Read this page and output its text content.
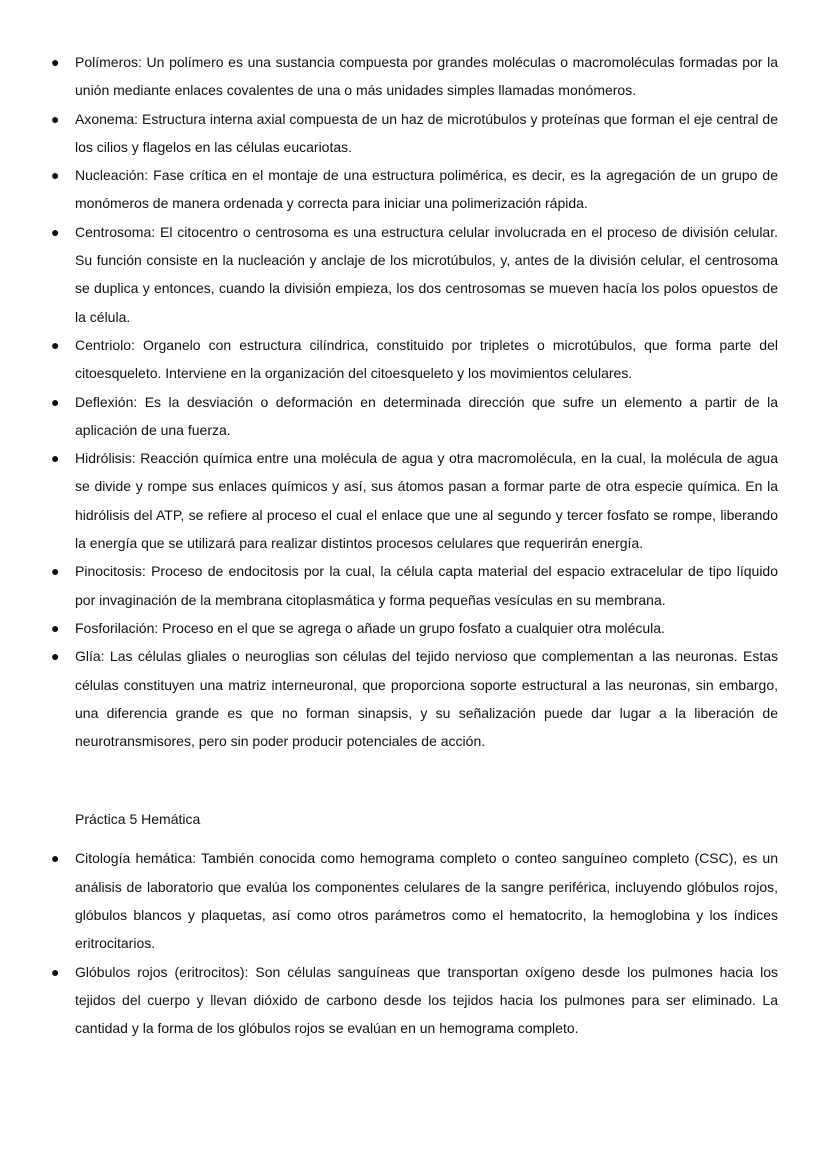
● Polímeros: Un polímero es una sustancia compuesta por grandes moléculas o macromoléculas formadas por la unión mediante enlaces covalentes de una o más unidades simples llamadas monómeros.
● Axonema: Estructura interna axial compuesta de un haz de microtúbulos y proteínas que forman el eje central de los cilios y flagelos en las células eucariotas.
● Nucleación: Fase crítica en el montaje de una estructura polimérica, es decir, es la agregación de un grupo de monómeros de manera ordenada y correcta para iniciar una polimerización rápida.
● Centrosoma: El citocentro o centrosoma es una estructura celular involucrada en el proceso de división celular. Su función consiste en la nucleación y anclaje de los microtúbulos, y, antes de la división celular, el centrosoma se duplica y entonces, cuando la división empieza, los dos centrosomas se mueven hacía los polos opuestos de la célula.
● Centriolo: Organelo con estructura cilíndrica, constituido por tripletes o microtúbulos, que forma parte del citoesqueleto. Interviene en la organización del citoesqueleto y los movimientos celulares.
● Deflexión: Es la desviación o deformación en determinada dirección que sufre un elemento a partir de la aplicación de una fuerza.
● Hidrólisis: Reacción química entre una molécula de agua y otra macromolécula, en la cual, la molécula de agua se divide y rompe sus enlaces químicos y así, sus átomos pasan a formar parte de otra especie química. En la hidrólisis del ATP, se refiere al proceso el cual el enlace que une al segundo y tercer fosfato se rompe, liberando la energía que se utilizará para realizar distintos procesos celulares que requerirán energía.
● Pinocitosis: Proceso de endocitosis por la cual, la célula capta material del espacio extracelular de tipo líquido por invaginación de la membrana citoplasmática y forma pequeñas vesículas en su membrana.
● Fosforilación: Proceso en el que se agrega o añade un grupo fosfato a cualquier otra molécula.
● Glía: Las células gliales o neuroglias son células del tejido nervioso que complementan a las neuronas. Estas células constituyen una matriz interneuronal, que proporciona soporte estructural a las neuronas, sin embargo, una diferencia grande es que no forman sinapsis, y su señalización puede dar lugar a la liberación de neurotransmisores, pero sin poder producir potenciales de acción.
Práctica 5 Hemática
● Citología hemática: También conocida como hemograma completo o conteo sanguíneo completo (CSC), es un análisis de laboratorio que evalúa los componentes celulares de la sangre periférica, incluyendo glóbulos rojos, glóbulos blancos y plaquetas, así como otros parámetros como el hematocrito, la hemoglobina y los índices eritrocitarios.
● Glóbulos rojos (eritrocitos): Son células sanguíneas que transportan oxígeno desde los pulmones hacia los tejidos del cuerpo y llevan dióxido de carbono desde los tejidos hacia los pulmones para ser eliminado. La cantidad y la forma de los glóbulos rojos se evalúan en un hemograma completo.
